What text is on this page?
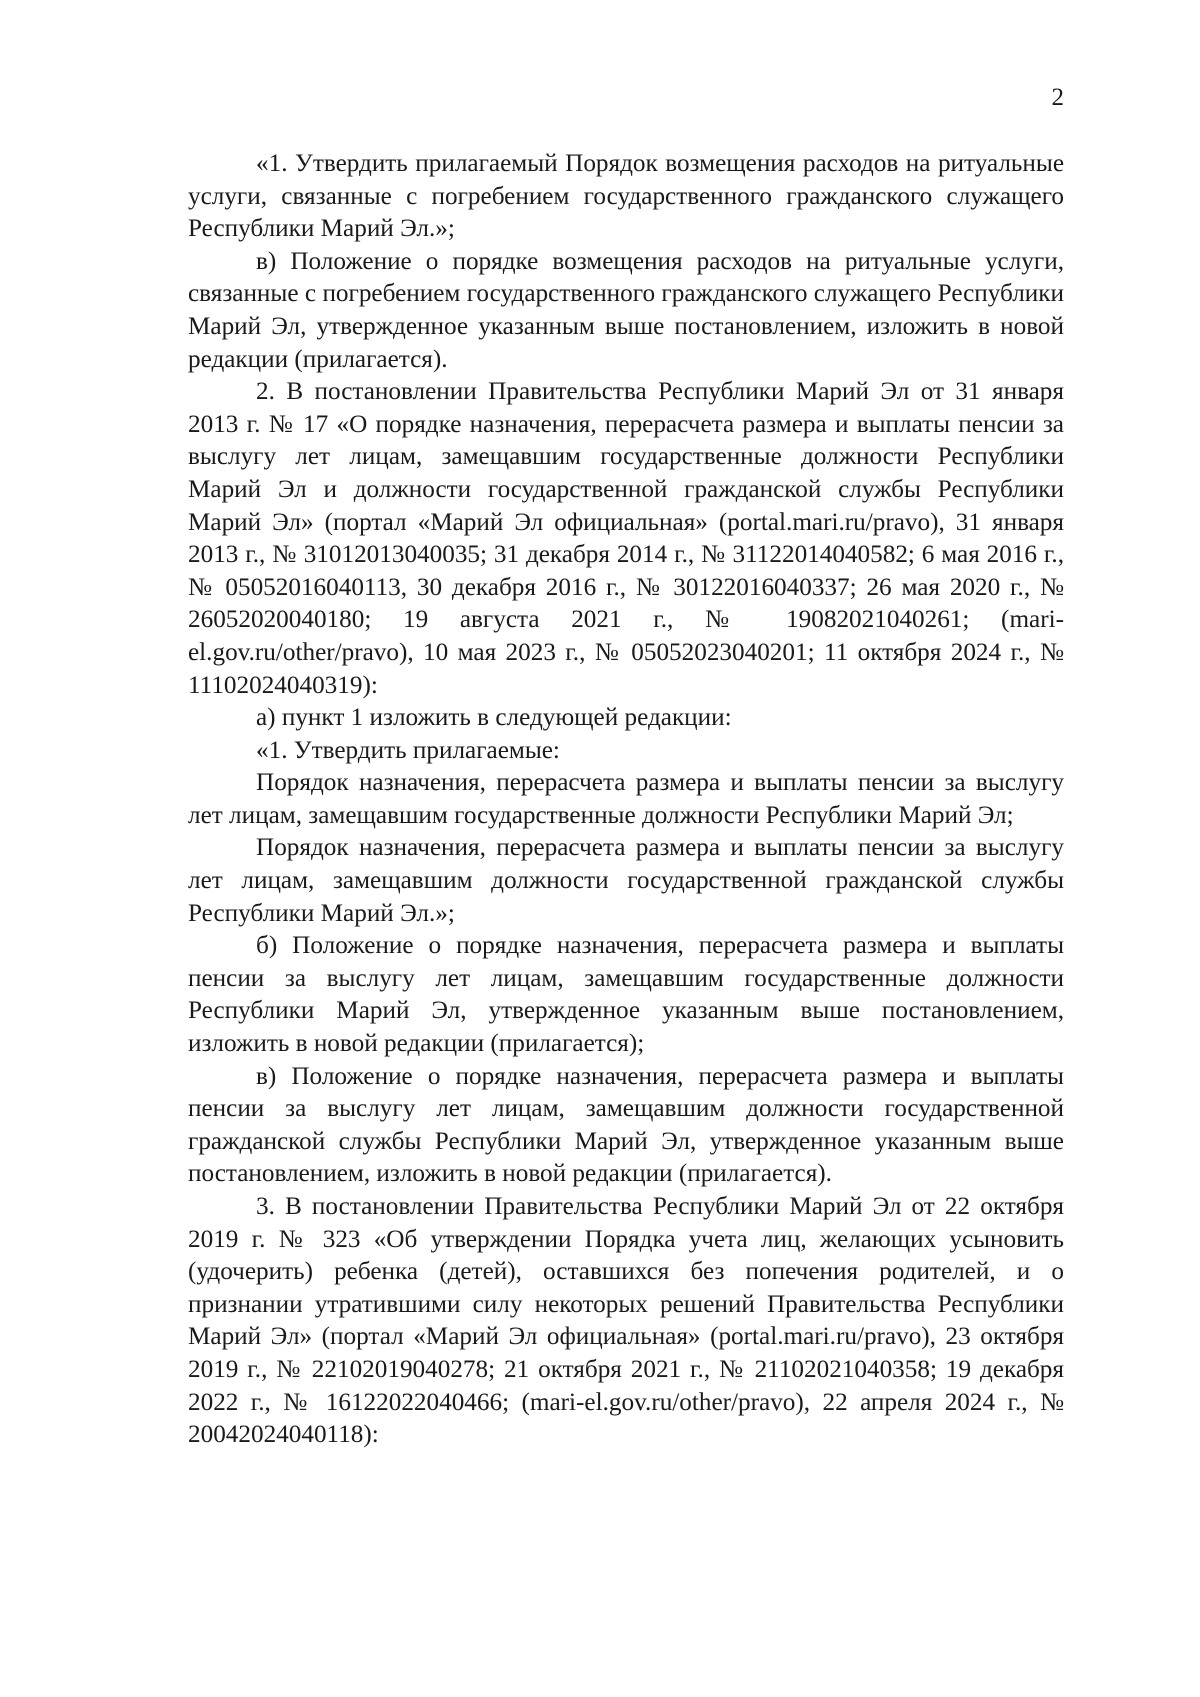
2

«1. Утвердить прилагаемый Порядок возмещения расходов на ритуальные услуги, связанные с погребением государственного гражданского служащего Республики Марий Эл.»;

в) Положение о порядке возмещения расходов на ритуальные услуги, связанные с погребением государственного гражданского служащего Республики Марий Эл, утвержденное указанным выше постановлением, изложить в новой редакции (прилагается).

2. В постановлении Правительства Республики Марий Эл от 31 января 2013 г. № 17 «О порядке назначения, перерасчета размера и выплаты пенсии за выслугу лет лицам, замещавшим государственные должности Республики Марий Эл и должности государственной гражданской службы Республики Марий Эл» (портал «Марий Эл официальная» (portal.mari.ru/pravo), 31 января 2013 г., № 31012013040035; 31 декабря 2014 г., № 31122014040582; 6 мая 2016 г., № 05052016040113, 30 декабря 2016 г., № 30122016040337; 26 мая 2020 г., № 26052020040180; 19 августа 2021 г., № 19082021040261; (mari-el.gov.ru/other/pravo), 10 мая 2023 г., № 05052023040201; 11 октября 2024 г., № 11102024040319):

а) пункт 1 изложить в следующей редакции:

«1. Утвердить прилагаемые:

Порядок назначения, перерасчета размера и выплаты пенсии за выслугу лет лицам, замещавшим государственные должности Республики Марий Эл;

Порядок назначения, перерасчета размера и выплаты пенсии за выслугу лет лицам, замещавшим должности государственной гражданской службы Республики Марий Эл.»;

б) Положение о порядке назначения, перерасчета размера и выплаты пенсии за выслугу лет лицам, замещавшим государственные должности Республики Марий Эл, утвержденное указанным выше постановлением, изложить в новой редакции (прилагается);

в) Положение о порядке назначения, перерасчета размера и выплаты пенсии за выслугу лет лицам, замещавшим должности государственной гражданской службы Республики Марий Эл, утвержденное указанным выше постановлением, изложить в новой редакции (прилагается).

3. В постановлении Правительства Республики Марий Эл от 22 октября 2019 г. № 323 «Об утверждении Порядка учета лиц, желающих усыновить (удочерить) ребенка (детей), оставшихся без попечения родителей, и о признании утратившими силу некоторых решений Правительства Республики Марий Эл» (портал «Марий Эл официальная» (portal.mari.ru/pravo), 23 октября 2019 г., № 22102019040278; 21 октября 2021 г., № 21102021040358; 19 декабря 2022 г., № 16122022040466; (mari-el.gov.ru/other/pravo), 22 апреля 2024 г., № 20042024040118):
